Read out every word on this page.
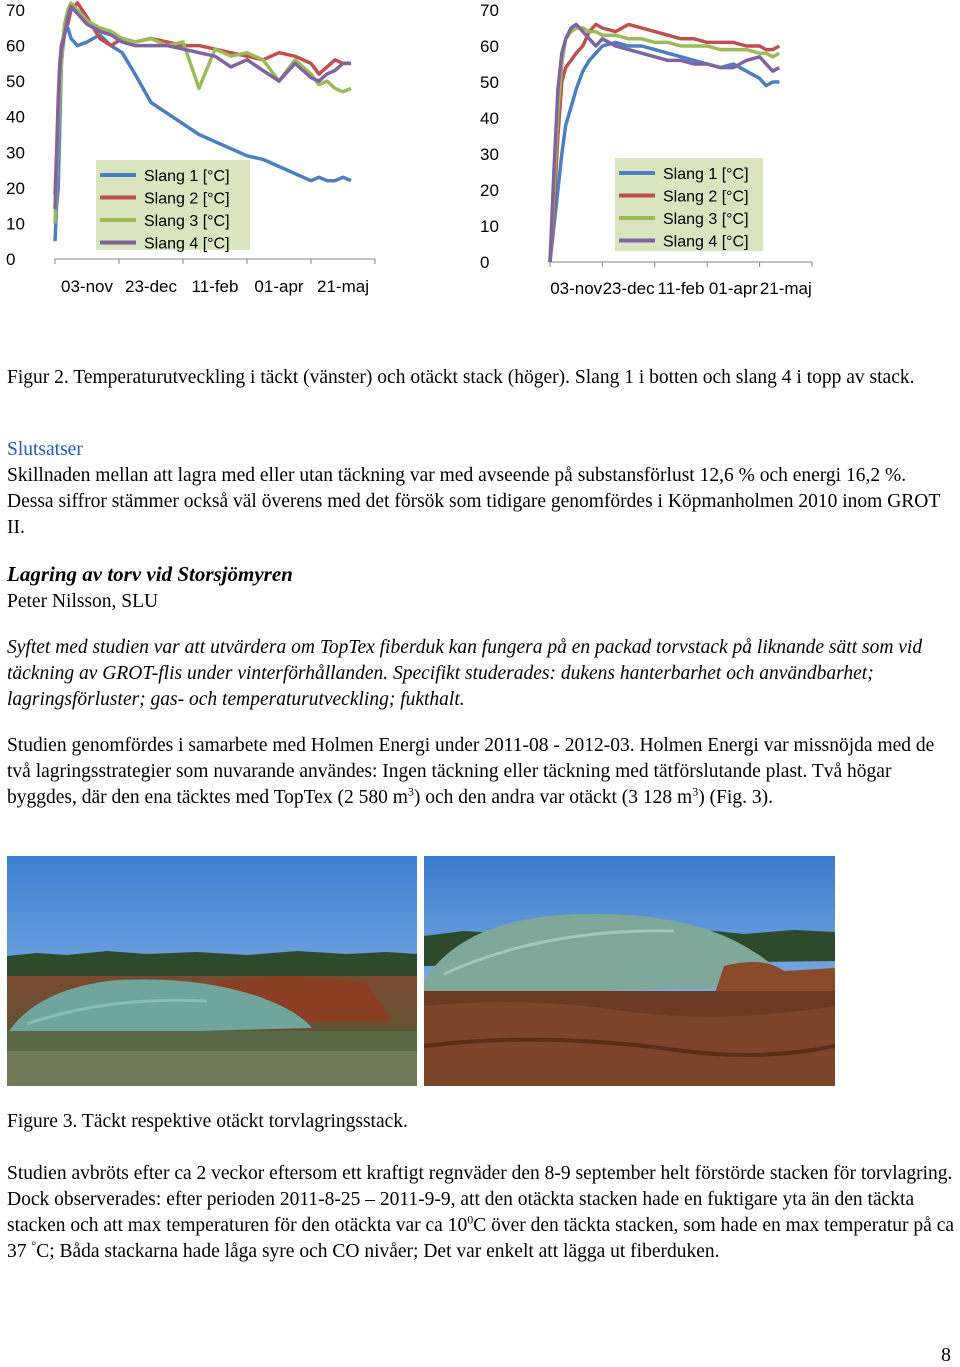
0
10
20
30
40
50
60
70
03-nov 23-dec 11-feb 01-apr 21-maj
Slang 1 [°C]
Slang 2 [°C]
Slang 3 [°C]
Slang 4 [°C]
0
10
20
30
40
50
60
70
03-nov 23-dec 11-feb 01-apr 21-maj
Slang 1 [°C]
Slang 2 [°C]
Slang 3 [°C]
Slang 4 [°C]

Figur 2. Temperaturutveckling i täckt (vänster) och otäckt stack (höger). Slang 1 i botten och slang 4 i topp av stack.

Slutsatser

Skillnaden mellan att lagra med eller utan täckning var med avseende på substansförlust 12,6 % och energi 16,2 %. Dessa siffror stämmer också väl överens med det försök som tidigare genomfördes i Köpmanholmen 2010 inom GROT II.

Lagring av torv vid Storsjömyren

Peter Nilsson, SLU

Syftet med studien var att utvärdera om TopTex fiberduk kan fungera på en packad torvstack på liknande sätt som vid täckning av GROT-flis under vinterförhållanden. Specifikt studerades: dukens hanterbarhet och användbarhet; lagringsförluster; gas- och temperaturutveckling; fukthalt.

Studien genomfördes i samarbete med Holmen Energi under 2011-08 - 2012-03. Holmen Energi var missnöjda med de två lagringsstrategier som nuvarande användes: Ingen täckning eller täckning med tätförslutande plast. Två högar byggdes, där den ena täcktes med TopTex (2 580 $m^3$) och den andra var otäckt (3 128 $m^3$) (Fig. 3).

Figure 3. Täckt respektive otäckt torvlagringsstack.

Studien avbröts efter ca 2 veckor eftersom ett kraftigt regnväder den 8-9 september helt förstörde stacken för torvlagring. Dock observerades: efter perioden 2011-8-25 – 2011-9-9, att den otäckta stacken hade en fuktigare yta än den täckta stacken och att max temperaturen för den otäckta var ca $10^0C$ över den täckta stacken, som hade en max temperatur på ca 37 °C; Båda stackarna hade låga syre och CO nivåer; Det var enkelt att lägga ut fiberduken.

8
